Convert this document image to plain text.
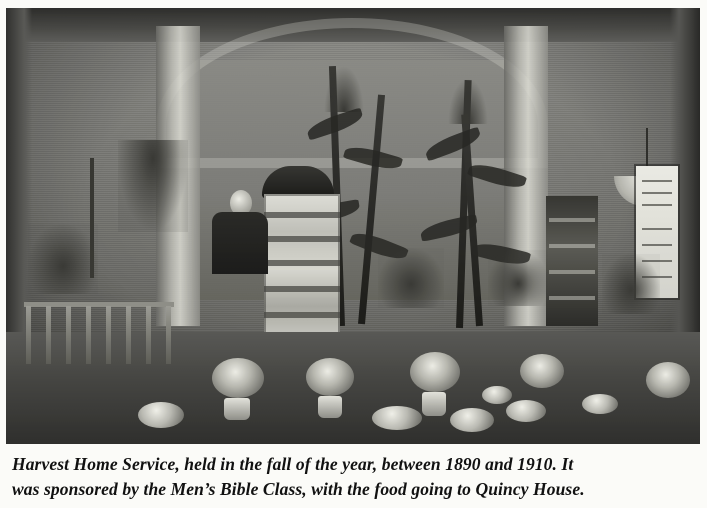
Harvest Home Service, held in the fall of the year, between 1890 and 1910. It
was sponsored by the Men’s Bible Class, with the food going to Quincy House.
